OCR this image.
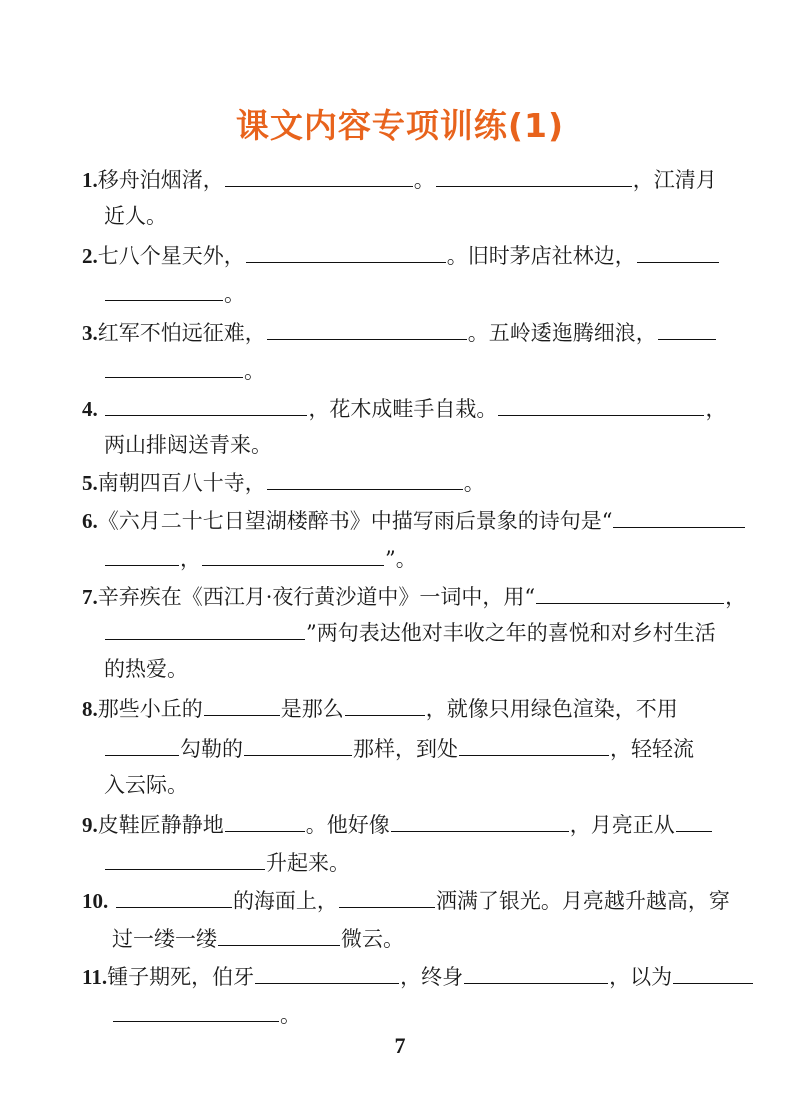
课文内容专项训练(1)
1.移舟泊烟渚，	。	，江清月
近人。
2.七八个星天外，	。旧时茅店社林边，
。
3.红军不怕远征难，	。五岭逶迤腾细浪，
。
4.	，花木成畦手自栽。	，
两山排闼送青来。
5.南朝四百八十寺，	。
6.《六月二十七日望湖楼醉书》中描写雨后景象的诗句是“
，	”。
7.辛弃疾在《西江月·夜行黄沙道中》一词中，用“	，
”两句表达他对丰收之年的喜悦和对乡村生活
的热爱。
8.那些小丘的	是那么	，就像只用绿色渲染，不用
勾勒的	那样，到处	，轻轻流
入云际。
9.皮鞋匠静静地	。他好像	，月亮正从
升起来。
10.	的海面上，	洒满了银光。月亮越升越高，穿
过一缕一缕	微云。
11.锺子期死，伯牙	，终身	，以为
。
7
